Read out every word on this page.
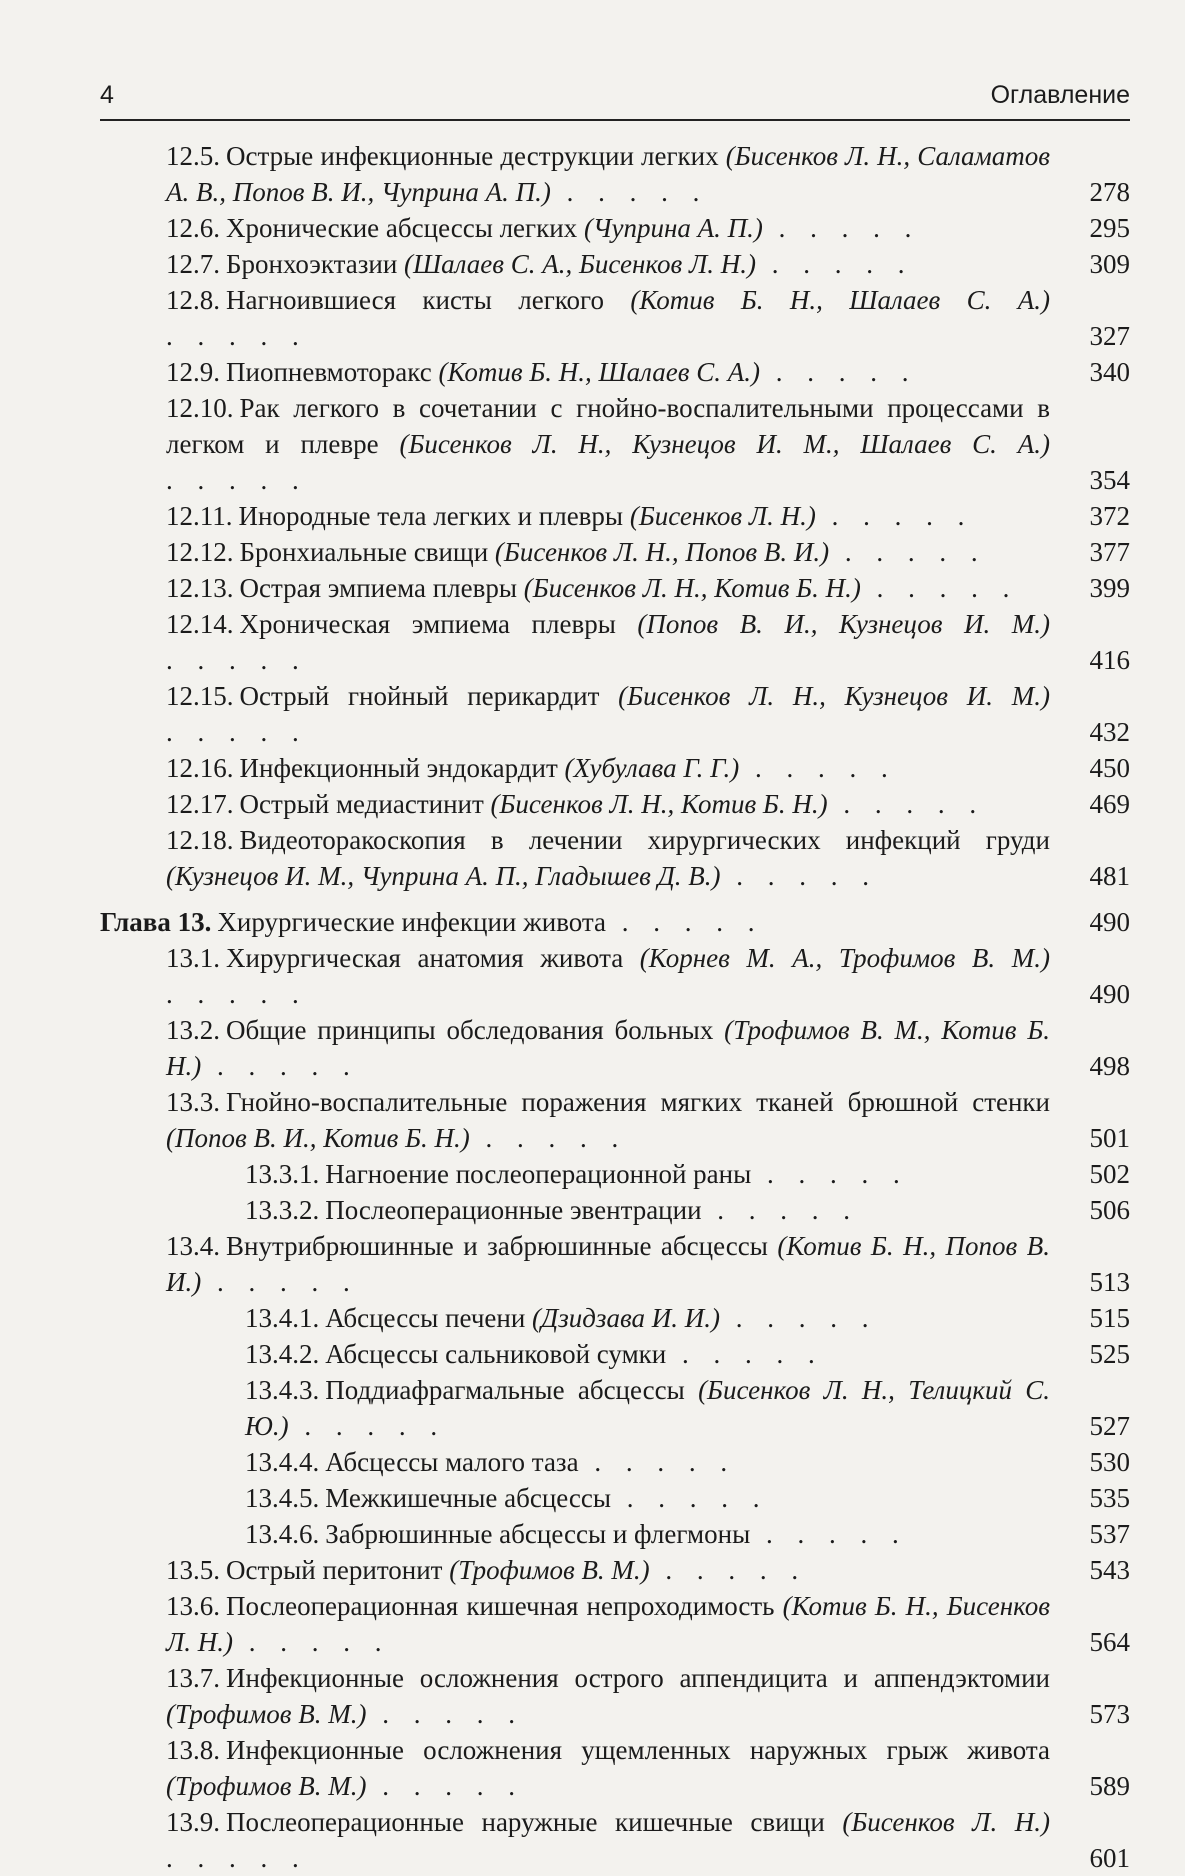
4	Оглавление
12.5. Острые инфекционные деструкции легких (Бисенков Л. Н., Саламатов А. В., Попов В. И., Чуприна А. П.) . . . . .	278
12.6. Хронические абсцессы легких (Чуприна А. П.) . . . . .	295
12.7. Бронхоэктазии (Шалаев С. А., Бисенков Л. Н.) . . . . .	309
12.8. Нагноившиеся кисты легкого (Котив Б. Н., Шалаев С. А.) . . . . .	327
12.9. Пиопневмоторакс (Котив Б. Н., Шалаев С. А.) . . . . .	340
12.10. Рак легкого в сочетании с гнойно-воспалительными процессами в легком и плевре (Бисенков Л. Н., Кузнецов И. М., Шалаев С. А.) . . . . .	354
12.11. Инородные тела легких и плевры (Бисенков Л. Н.) . . . . .	372
12.12. Бронхиальные свищи (Бисенков Л. Н., Попов В. И.) . . . . .	377
12.13. Острая эмпиема плевры (Бисенков Л. Н., Котив Б. Н.) . . . . .	399
12.14. Хроническая эмпиема плевры (Попов В. И., Кузнецов И. М.) . . . . .	416
12.15. Острый гнойный перикардит (Бисенков Л. Н., Кузнецов И. М.) . . . . .	432
12.16. Инфекционный эндокардит (Хубулава Г. Г.) . . . . .	450
12.17. Острый медиастинит (Бисенков Л. Н., Котив Б. Н.) . . . . .	469
12.18. Видеоторакоскопия в лечении хирургических инфекций груди (Кузнецов И. М., Чуприна А. П., Гладышев Д. В.) . . . . .	481
Глава 13. Хирургические инфекции живота . . . . .	490
13.1. Хирургическая анатомия живота (Корнев М. А., Трофимов В. М.) . . . . .	490
13.2. Общие принципы обследования больных (Трофимов В. М., Котив Б. Н.) . . . . .	498
13.3. Гнойно-воспалительные поражения мягких тканей брюшной стенки (Попов В. И., Котив Б. Н.) . . . . .	501
13.3.1. Нагноение послеоперационной раны . . . . .	502
13.3.2. Послеоперационные эвентрации . . . . .	506
13.4. Внутрибрюшинные и забрюшинные абсцессы (Котив Б. Н., Попов В. И.) . . . . .	513
13.4.1. Абсцессы печени (Дзидзава И. И.) . . . . .	515
13.4.2. Абсцессы сальниковой сумки . . . . .	525
13.4.3. Поддиафрагмальные абсцессы (Бисенков Л. Н., Телицкий С. Ю.) . . . . .	527
13.4.4. Абсцессы малого таза . . . . .	530
13.4.5. Межкишечные абсцессы . . . . .	535
13.4.6. Забрюшинные абсцессы и флегмоны . . . . .	537
13.5. Острый перитонит (Трофимов В. М.) . . . . .	543
13.6. Послеоперационная кишечная непроходимость (Котив Б. Н., Бисенков Л. Н.) . . . . .	564
13.7. Инфекционные осложнения острого аппендицита и аппендэктомии (Трофимов В. М.) . . . . .	573
13.8. Инфекционные осложнения ущемленных наружных грыж живота (Трофимов В. М.) . . . . .	589
13.9. Послеоперационные наружные кишечные свищи (Бисенков Л. Н.) . . . . .	601
